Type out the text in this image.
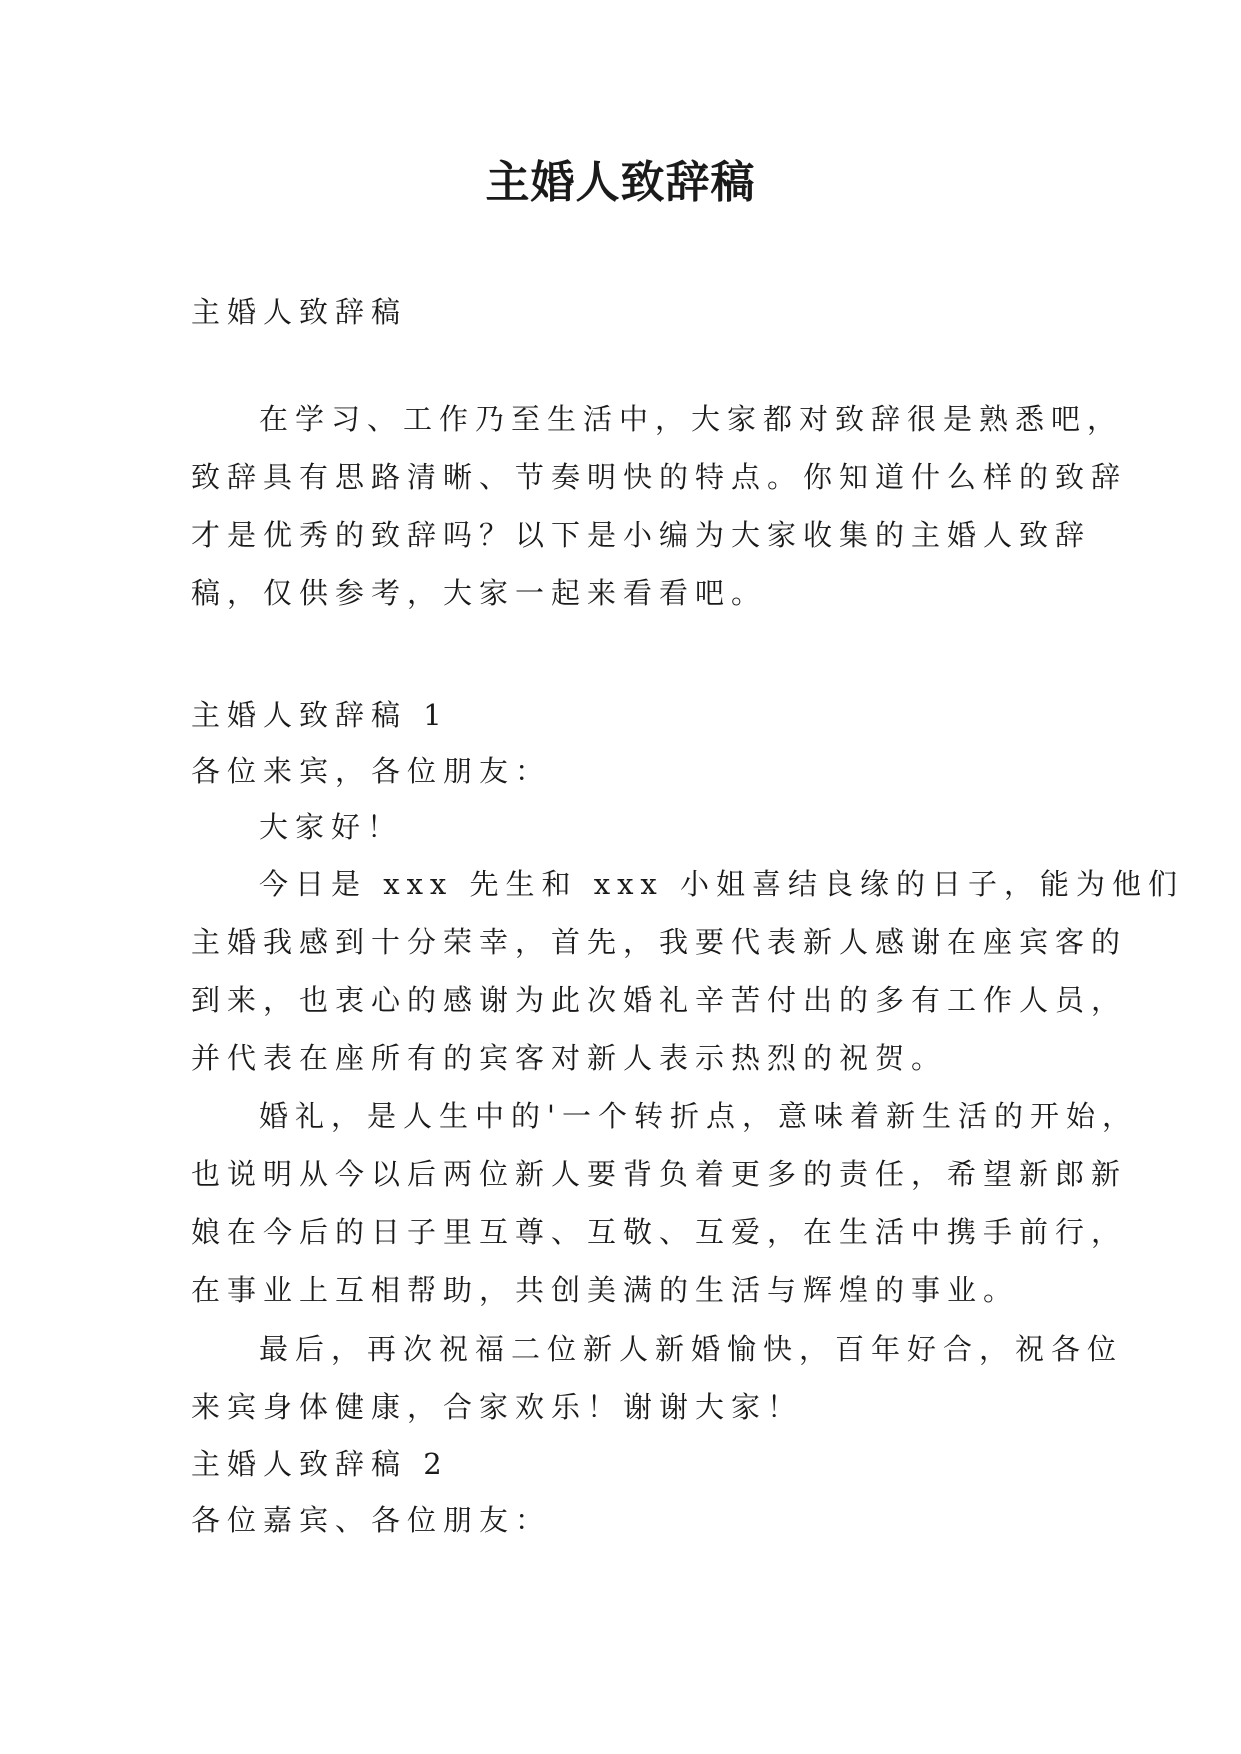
主婚人致辞稿

主婚人致辞稿

在学习、工作乃至生活中，大家都对致辞很是熟悉吧，

致辞具有思路清晰、节奏明快的特点。你知道什么样的致辞

才是优秀的致辞吗？以下是小编为大家收集的主婚人致辞

稿，仅供参考，大家一起来看看吧。

主婚人致辞稿 1

各位来宾，各位朋友：

大家好！

今日是 xxx 先生和 xxx 小姐喜结良缘的日子，能为他们

主婚我感到十分荣幸，首先，我要代表新人感谢在座宾客的

到来，也衷心的感谢为此次婚礼辛苦付出的多有工作人员，

并代表在座所有的宾客对新人表示热烈的祝贺。

婚礼，是人生中的'一个转折点，意味着新生活的开始，

也说明从今以后两位新人要背负着更多的责任，希望新郎新

娘在今后的日子里互尊、互敬、互爱，在生活中携手前行，

在事业上互相帮助，共创美满的生活与辉煌的事业。

最后，再次祝福二位新人新婚愉快，百年好合，祝各位

来宾身体健康，合家欢乐！谢谢大家！

主婚人致辞稿 2

各位嘉宾、各位朋友：
